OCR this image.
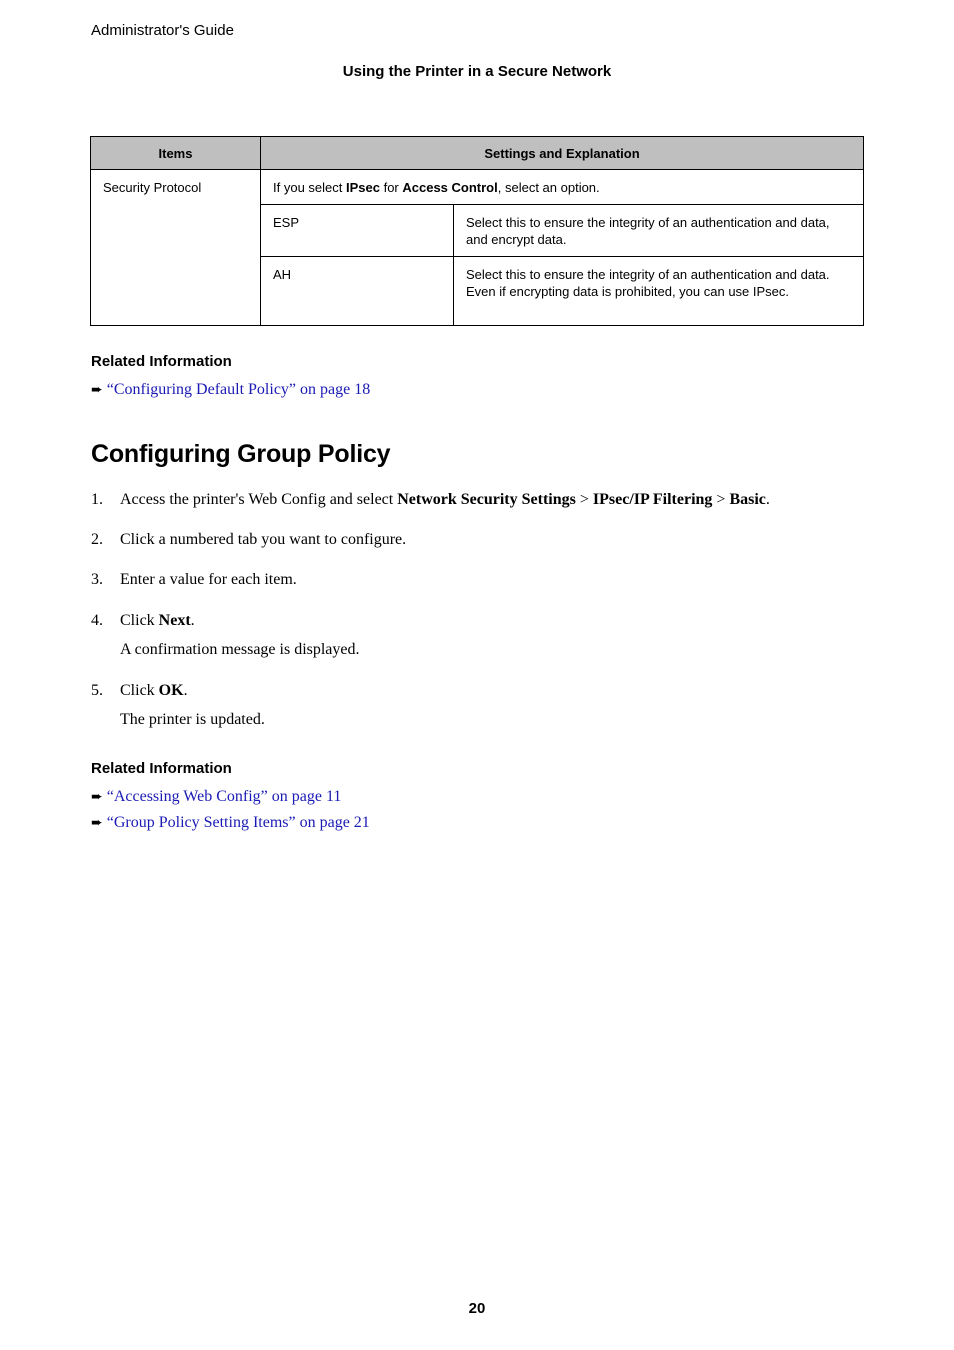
Administrator's Guide
Using the Printer in a Secure Network
Items	Settings and Explanation	
Security Protocol	If you select IPsec for Access Control, select an option.	
	ESP	Select this to ensure the integrity of an authentication and data, and encrypt data.
	AH	Select this to ensure the integrity of an authentication and data. Even if encrypting data is prohibited, you can use IPsec.
Related Information
➨ “Configuring Default Policy” on page 18
Configuring Group Policy
1. Access the printer's Web Config and select Network Security Settings > IPsec/IP Filtering > Basic.
2. Click a numbered tab you want to configure.
3. Enter a value for each item.
4. Click Next.
A confirmation message is displayed.
5. Click OK.
The printer is updated.
Related Information
➨ “Accessing Web Config” on page 11
➨ “Group Policy Setting Items” on page 21
20
